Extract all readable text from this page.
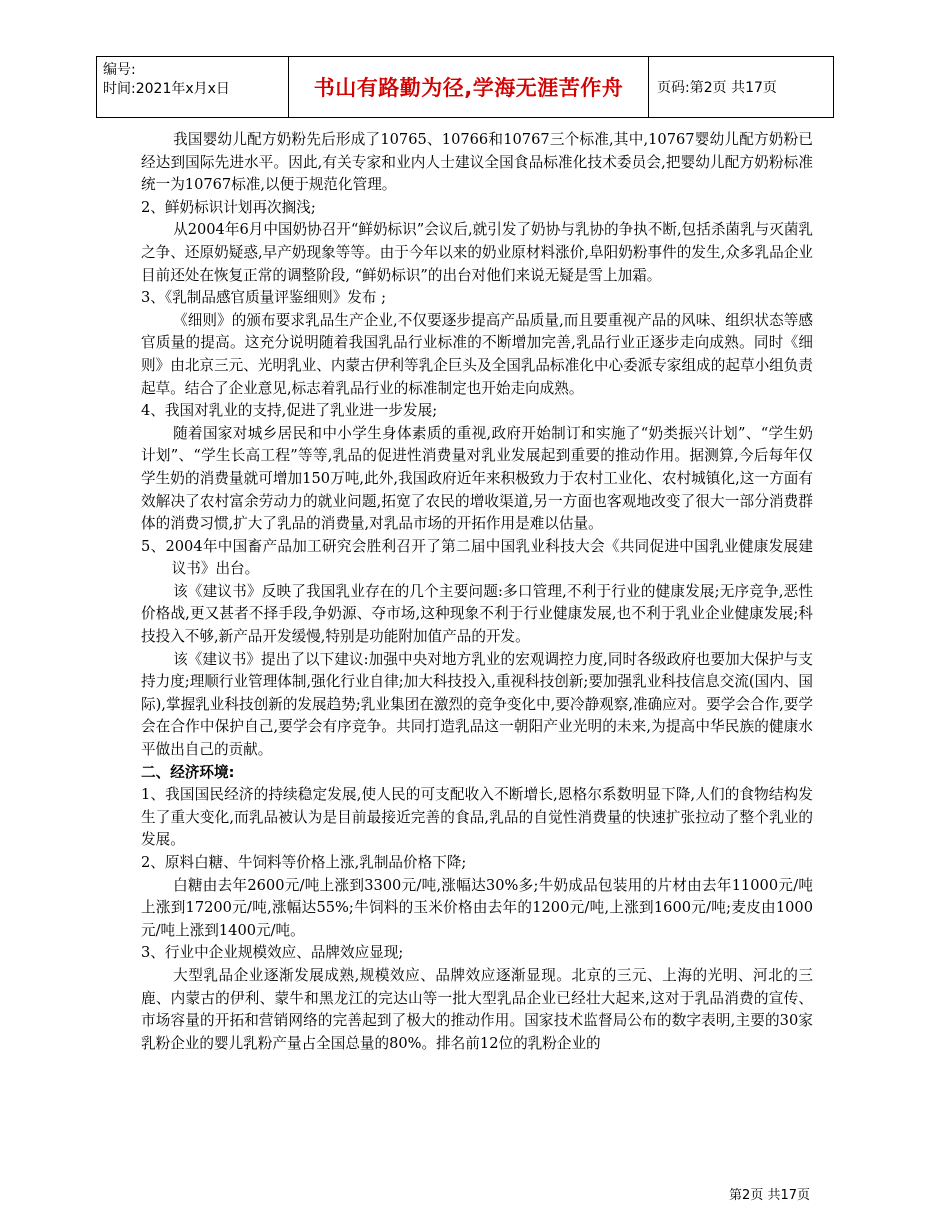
编号:
时间:2021年x月x日	书山有路勤为径,学海无涯苦作舟	页码:第2页 共17页

我国婴幼儿配方奶粉先后形成了10765、10766和10767三个标准,其中,10767婴幼儿配方奶粉已经达到国际先进水平。因此,有关专家和业内人士建议全国食品标准化技术委员会,把婴幼儿配方奶粉标准统一为10767标准,以便于规范化管理。

2、鲜奶标识计划再次搁浅;

从2004年6月中国奶协召开“鲜奶标识”会议后,就引发了奶协与乳协的争执不断,包括杀菌乳与灭菌乳之争、还原奶疑惑,早产奶现象等等。由于今年以来的奶业原材料涨价,阜阳奶粉事件的发生,众多乳品企业目前还处在恢复正常的调整阶段, “鲜奶标识”的出台对他们来说无疑是雪上加霜。

3、《乳制品感官质量评鉴细则》发布 ;

《细则》的颁布要求乳品生产企业,不仅要逐步提高产品质量,而且要重视产品的风味、组织状态等感官质量的提高。这充分说明随着我国乳品行业标准的不断增加完善,乳品行业正逐步走向成熟。同时《细则》由北京三元、光明乳业、内蒙古伊利等乳企巨头及全国乳品标准化中心委派专家组成的起草小组负责起草。结合了企业意见,标志着乳品行业的标准制定也开始走向成熟。

4、我国对乳业的支持,促进了乳业进一步发展;

随着国家对城乡居民和中小学生身体素质的重视,政府开始制订和实施了“奶类振兴计划”、“学生奶计划”、“学生长高工程”等等,乳品的促进性消费量对乳业发展起到重要的推动作用。据测算,今后每年仅学生奶的消费量就可增加150万吨,此外,我国政府近年来积极致力于农村工业化、农村城镇化,这一方面有效解决了农村富余劳动力的就业问题,拓宽了农民的增收渠道,另一方面也客观地改变了很大一部分消费群体的消费习惯,扩大了乳品的消费量,对乳品市场的开拓作用是难以估量。

5、2004年中国畜产品加工研究会胜利召开了第二届中国乳业科技大会《共同促进中国乳业健康发展建议书》出台。

该《建议书》反映了我国乳业存在的几个主要问题:多口管理,不利于行业的健康发展;无序竞争,恶性价格战,更又甚者不择手段,争奶源、夺市场,这种现象不利于行业健康发展,也不利于乳业企业健康发展;科技投入不够,新产品开发缓慢,特别是功能附加值产品的开发。

该《建议书》提出了以下建议:加强中央对地方乳业的宏观调控力度,同时各级政府也要加大保护与支持力度;理顺行业管理体制,强化行业自律;加大科技投入,重视科技创新;要加强乳业科技信息交流(国内、国际),掌握乳业科技创新的发展趋势;乳业集团在激烈的竞争变化中,要冷静观察,准确应对。要学会合作,要学会在合作中保护自己,要学会有序竞争。共同打造乳品这一朝阳产业光明的未来,为提高中华民族的健康水平做出自己的贡献。

二、经济环境:

1、我国国民经济的持续稳定发展,使人民的可支配收入不断增长,恩格尔系数明显下降,人们的食物结构发生了重大变化,而乳品被认为是目前最接近完善的食品,乳品的自觉性消费量的快速扩张拉动了整个乳业的发展。

2、原料白糖、牛饲料等价格上涨,乳制品价格下降;

白糖由去年2600元/吨上涨到3300元/吨,涨幅达30%多;牛奶成品包装用的片材由去年11000元/吨上涨到17200元/吨,涨幅达55%;牛饲料的玉米价格由去年的1200元/吨,上涨到1600元/吨;麦皮由1000元/吨上涨到1400元/吨。

3、行业中企业规模效应、品牌效应显现;

大型乳品企业逐渐发展成熟,规模效应、品牌效应逐渐显现。北京的三元、上海的光明、河北的三鹿、内蒙古的伊利、蒙牛和黑龙江的完达山等一批大型乳品企业已经壮大起来,这对于乳品消费的宣传、市场容量的开拓和营销网络的完善起到了极大的推动作用。国家技术监督局公布的数字表明,主要的30家乳粉企业的婴儿乳粉产量占全国总量的80%。排名前12位的乳粉企业的

第2页 共17页
